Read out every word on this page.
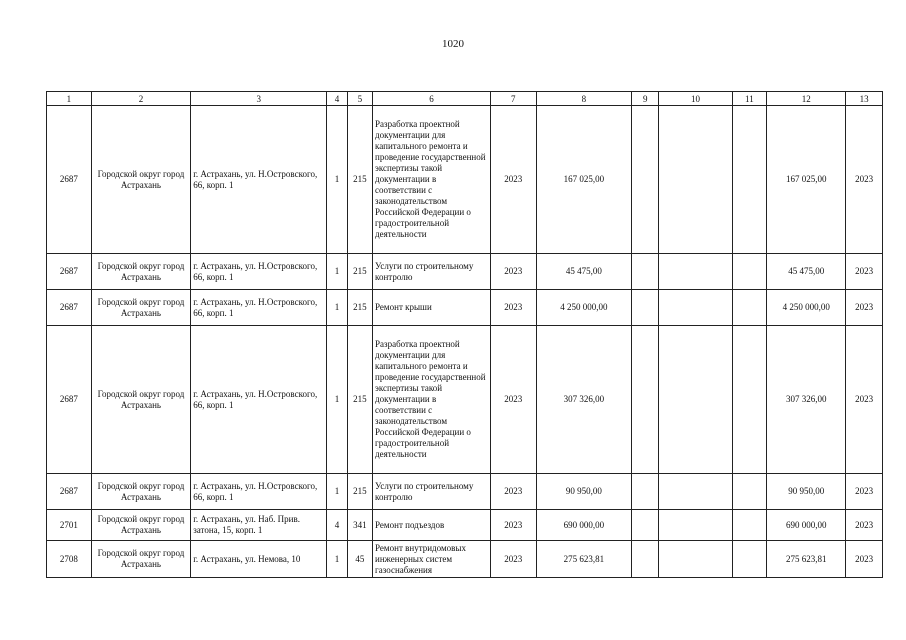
1020
1	2	3	4	5	6	7	8	9	10	11	12	13
2687	Городской округ город Астрахань	г. Астрахань, ул. Н.Островского, 66, корп. 1	1	215	Разработка проектной документации для капитального ремонта и проведение государственной экспертизы такой документации в соответствии с законодательством Российской Федерации о градостроительной деятельности	2023	167 025,00				167 025,00	2023
2687	Городской округ город Астрахань	г. Астрахань, ул. Н.Островского, 66, корп. 1	1	215	Услуги по строительному контролю	2023	45 475,00				45 475,00	2023
2687	Городской округ город Астрахань	г. Астрахань, ул. Н.Островского, 66, корп. 1	1	215	Ремонт крыши	2023	4 250 000,00				4 250 000,00	2023
2687	Городской округ город Астрахань	г. Астрахань, ул. Н.Островского, 66, корп. 1	1	215	Разработка проектной документации для капитального ремонта и проведение государственной экспертизы такой документации в соответствии с законодательством Российской Федерации о градостроительной деятельности	2023	307 326,00				307 326,00	2023
2687	Городской округ город Астрахань	г. Астрахань, ул. Н.Островского, 66, корп. 1	1	215	Услуги по строительному контролю	2023	90 950,00				90 950,00	2023
2701	Городской округ город Астрахань	г. Астрахань, ул. Наб. Прив. затона, 15, корп. 1	4	341	Ремонт подъездов	2023	690 000,00				690 000,00	2023
2708	Городской округ город Астрахань	г. Астрахань, ул. Немова, 10	1	45	Ремонт внутридомовых инженерных систем газоснабжения	2023	275 623,81				275 623,81	2023
